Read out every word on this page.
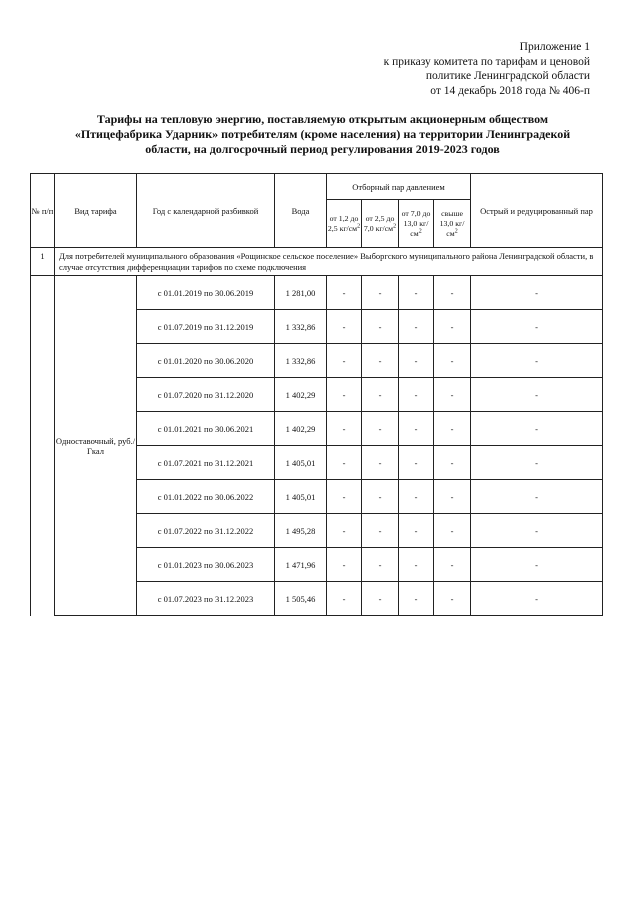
Приложение 1
к приказу комитета по тарифам и ценовой
политике Ленинградской области
от 14 декабрь 2018 года № 406-п
Тарифы на тепловую энергию, поставляемую открытым акционерным обществом
«Птицефабрика Ударник» потребителям (кроме населения) на территории Ленинградекой
области, на долгосрочный период регулирования 2019-2023 годов
№ п/п	Вид тарифа	Год с календарной разбивкой	Вода	Отборный пар давлением				Острый и редуцированный пар
				от 1,2 до 2,5 $кг/см^2$	от 2,5 до 7,0 $кг/см^2$	от 7,0 до 13,0 $кг/см^2$	свыше 13,0 $кг/см^2$
1	Для потребителей муниципального образования «Рощинское сельское поселение» Выборгского муниципального района Ленинградской области, в случае отсутствия дифференциации тарифов по схеме подключения							
	Одноставочный, руб./Гкал	с 01.01.2019 по 30.06.2019	1 281,00	-	-	-	-	-
		с 01.07.2019 по 31.12.2019	1 332,86	-	-	-	-	-
		с 01.01.2020 по 30.06.2020	1 332,86	-	-	-	-	-
		с 01.07.2020 по 31.12.2020	1 402,29	-	-	-	-	-
		с 01.01.2021 по 30.06.2021	1 402,29	-	-	-	-	-
		с 01.07.2021 по 31.12.2021	1 405,01	-	-	-	-	-
		с 01.01.2022 по 30.06.2022	1 405,01	-	-	-	-	-
		с 01.07.2022 по 31.12.2022	1 495,28	-	-	-	-	-
		с 01.01.2023 по 30.06.2023	1 471,96	-	-	-	-	-
		с 01.07.2023 по 31.12.2023	1 505,46	-	-	-	-	-
